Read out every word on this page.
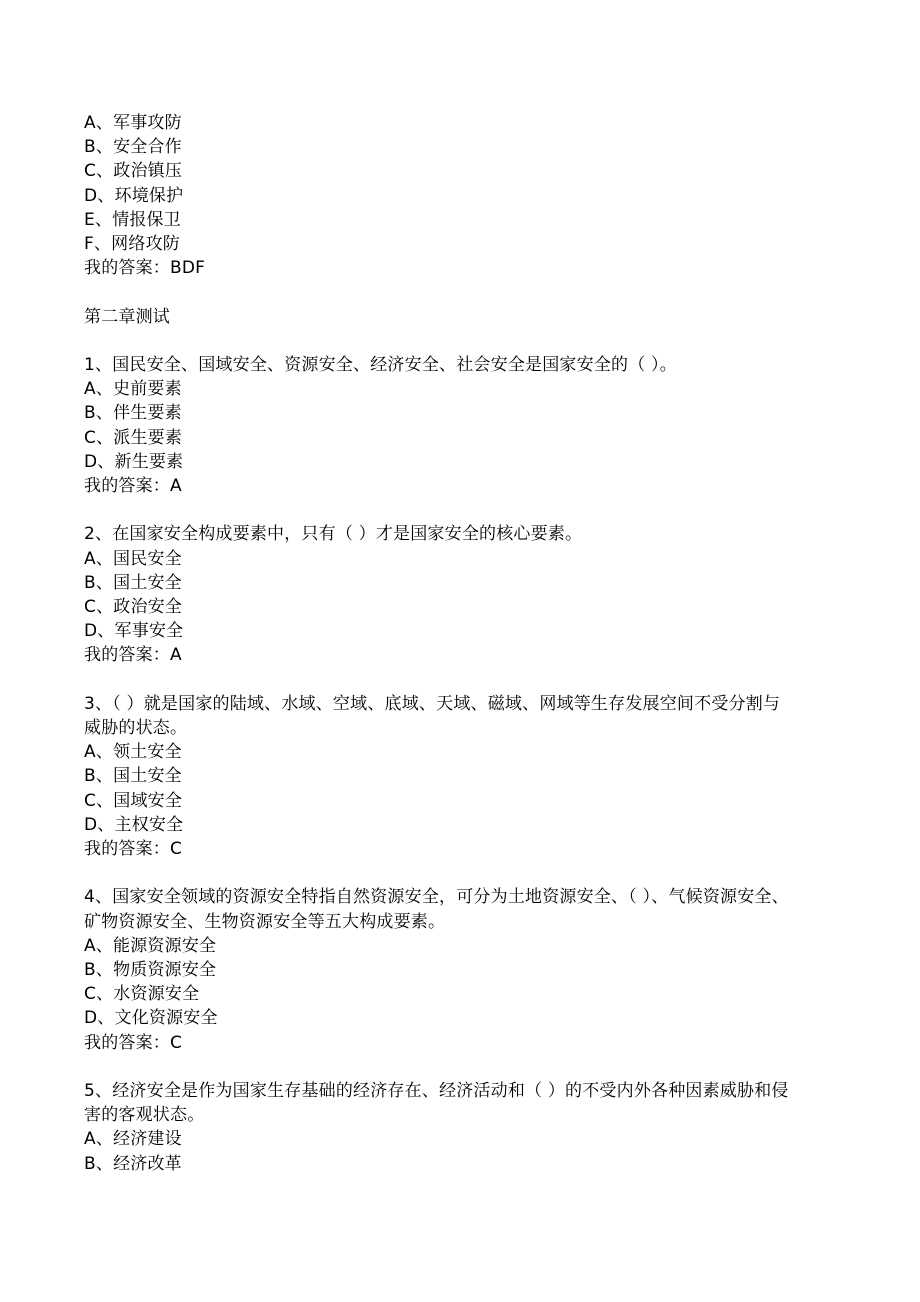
A、军事攻防
B、安全合作
C、政治镇压
D、环境保护
E、情报保卫
F、网络攻防
我的答案：BDF
第二章测试
1、国民安全、国域安全、资源安全、经济安全、社会安全是国家安全的（ ）。
A、史前要素
B、伴生要素
C、派生要素
D、新生要素
我的答案：A
2、在国家安全构成要素中，只有（ ）才是国家安全的核心要素。
A、国民安全
B、国土安全
C、政治安全
D、军事安全
我的答案：A
3、（ ）就是国家的陆域、水域、空域、底域、天域、磁域、网域等生存发展空间不受分割与
威胁的状态。
A、领土安全
B、国土安全
C、国域安全
D、主权安全
我的答案：C
4、国家安全领域的资源安全特指自然资源安全，可分为土地资源安全、（ ）、气候资源安全、
矿物资源安全、生物资源安全等五大构成要素。
A、能源资源安全
B、物质资源安全
C、水资源安全
D、文化资源安全
我的答案：C
5、经济安全是作为国家生存基础的经济存在、经济活动和（ ）的不受内外各种因素威胁和侵
害的客观状态。
A、经济建设
B、经济改革
